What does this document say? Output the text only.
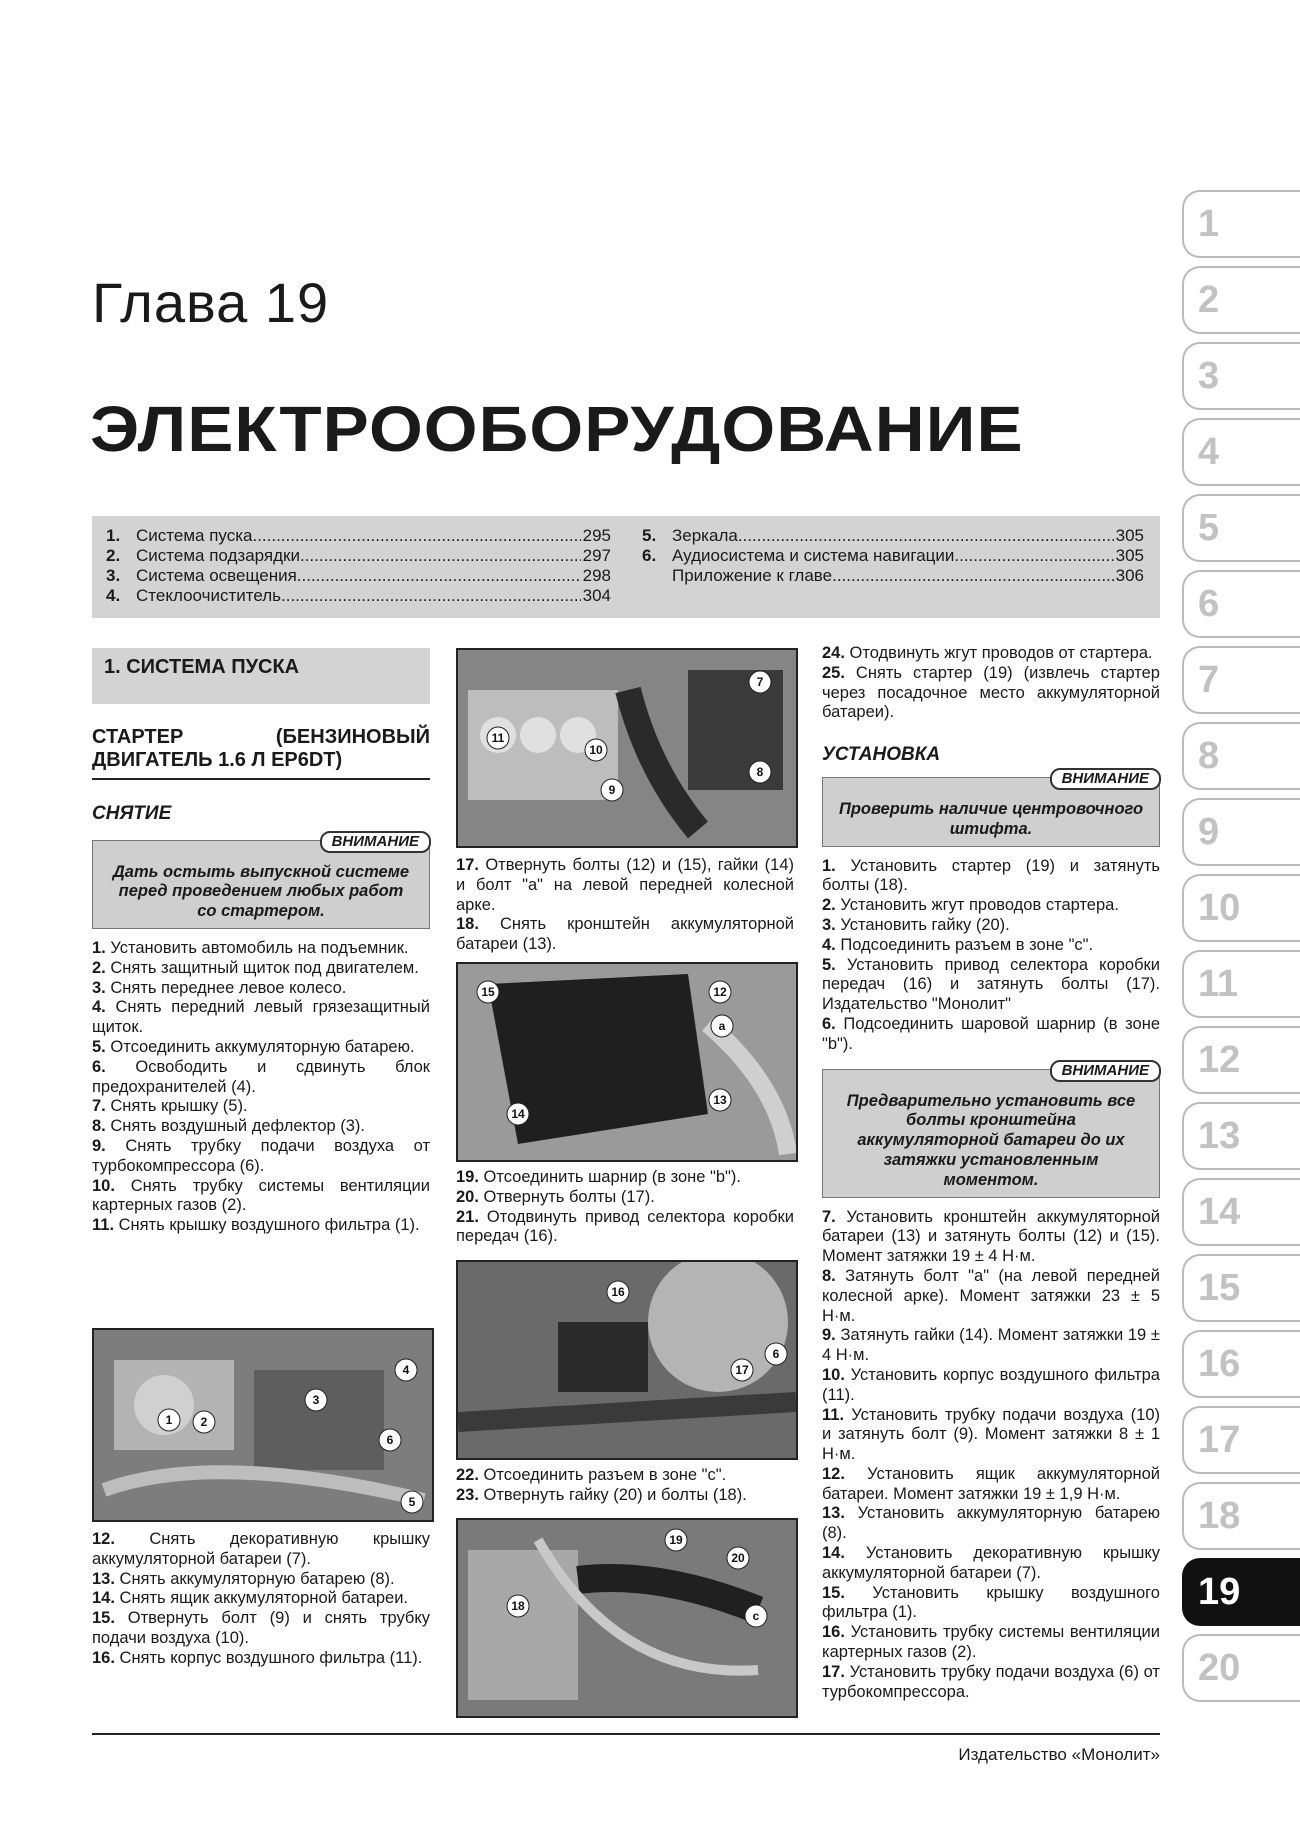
Глава 19
ЭЛЕКТРООБОРУДОВАНИЕ
1. Система пуска .....	295
2. Система подзарядки .....	297
3. Система освещения .....	298
4. Стеклоочиститель .....	304
5. Зеркала .....	305
6. Аудиосистема и система навигации .....	305
Приложение к главе .....	306
1
2
3
4
5
6
7
8
9
10
11
12
13
14
15
16
17
18
19
20
1. СИСТЕМА ПУСКА
СТАРТЕР (БЕНЗИНОВЫЙ ДВИГАТЕЛЬ 1.6 Л EP6DT)
СНЯТИЕ
ВНИМАНИЕ
Дать остыть выпускной системе перед проведением любых работ со стартером.

1. Установить автомобиль на подъемник.

2. Снять защитный щиток под двигателем.

3. Снять переднее левое колесо.

4. Снять передний левый грязезащитный щиток.

5. Отсоединить аккумуляторную батарею.

6. Освободить и сдвинуть блок предохранителей (4).

7. Снять крышку (5).

8. Снять воздушный дефлектор (3).

9. Снять трубку подачи воздуха от турбокомпрессора (6).

10. Снять трубку системы вентиляции картерных газов (2).

11. Снять крышку воздушного фильтра (1).

12. Снять декоративную крышку аккумуляторной батареи (7).

13. Снять аккумуляторную батарею (8).

14. Снять ящик аккумуляторной батареи.

15. Отвернуть болт (9) и снять трубку подачи воздуха (10).

16. Снять корпус воздушного фильтра (11).

1 2
3
4
5
6
11
10
9
7
8

17. Отвернуть болты (12) и (15), гайки (14) и болт "а" на левой передней колесной арке.

18. Снять кронштейн аккумуляторной батареи (13).

15	12
a
14
13

19. Отсоединить шарнир (в зоне "b").

20. Отвернуть болты (17).

21. Отодвинуть привод селектора коробки передач (16).

16
17
6

22. Отсоединить разъем в зоне "с".

23. Отвернуть гайку (20) и болты (18).

19
20
18
c

24. Отодвинуть жгут проводов от стартера.

25. Снять стартер (19) (извлечь стартер через посадочное место аккумуляторной батареи).

УСТАНОВКА
ВНИМАНИЕ
Проверить наличие центровочного штифта.

1. Установить стартер (19) и затянуть болты (18).

2. Установить жгут проводов стартера.

3. Установить гайку (20).

4. Подсоединить разъем в зоне "с".

5. Установить привод селектора коробки передач (16) и затянуть болты (17). Издательство "Монолит"

6. Подсоединить шаровой шарнир (в зоне "b").

ВНИМАНИЕ
Предварительно установить все болты кронштейна аккумуляторной батареи до их затяжки установленным моментом.

7. Установить кронштейн аккумуляторной батареи (13) и затянуть болты (12) и (15). Момент затяжки 19 ± 4 Н·м.

8. Затянуть болт "а" (на левой передней колесной арке). Момент затяжки 23 ± 5 Н·м.

9. Затянуть гайки (14). Момент затяжки 19 ± 4 Н·м.

10. Установить корпус воздушного фильтра (11).

11. Установить трубку подачи воздуха (10) и затянуть болт (9). Момент затяжки 8 ± 1 Н·м.

12. Установить ящик аккумуляторной батареи. Момент затяжки 19 ± 1,9 Н·м.

13. Установить аккумуляторную батарею (8).

14. Установить декоративную крышку аккумуляторной батареи (7).

15. Установить крышку воздушного фильтра (1).

16. Установить трубку системы вентиляции картерных газов (2).

17. Установить трубку подачи воздуха (6) от турбокомпрессора.

Издательство «Монолит»
